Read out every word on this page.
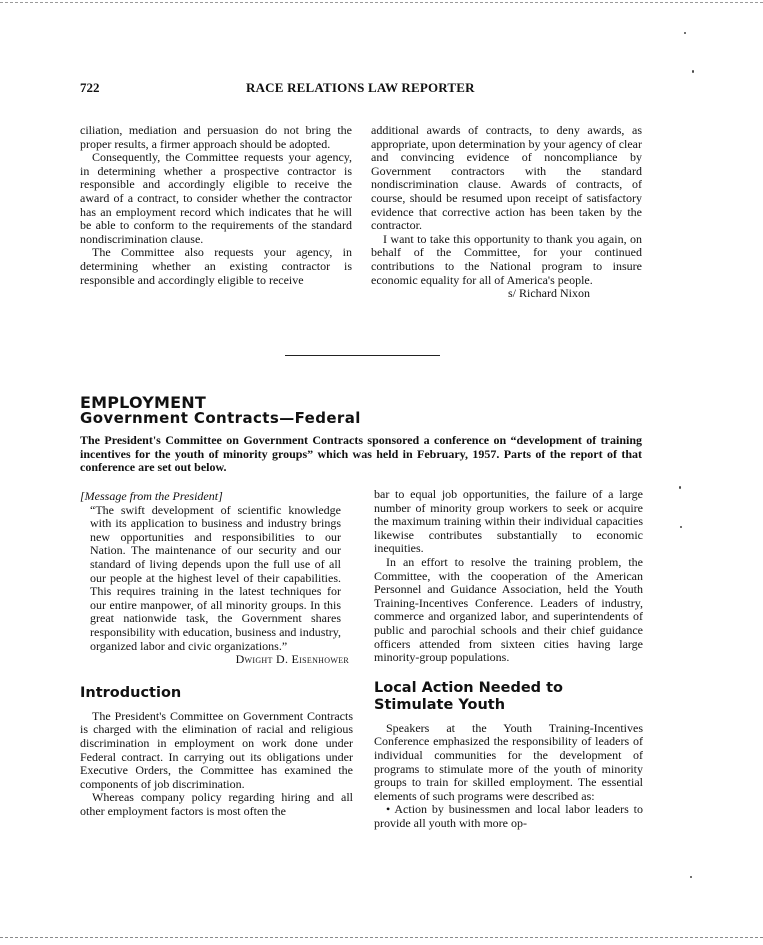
722	RACE RELATIONS LAW REPORTER

ciliation, mediation and persuasion do not bring the proper results, a firmer approach should be adopted.

Consequently, the Committee requests your agency, in determining whether a prospective contractor is responsible and accordingly eligible to receive the award of a contract, to consider whether the contractor has an employment record which indicates that he will be able to conform to the requirements of the standard nondiscrimination clause.

The Committee also requests your agency, in determining whether an existing contractor is responsible and accordingly eligible to receive

additional awards of contracts, to deny awards, as appropriate, upon determination by your agency of clear and convincing evidence of noncompliance by Government contractors with the standard nondiscrimination clause. Awards of contracts, of course, should be resumed upon receipt of satisfactory evidence that corrective action has been taken by the contractor.

I want to take this opportunity to thank you again, on behalf of the Committee, for your continued contributions to the National program to insure economic equality for all of America's people.

s/ Richard Nixon

EMPLOYMENT
Government Contracts—Federal
The President's Committee on Government Contracts sponsored a conference on “development of training incentives for the youth of minority groups” which was held in February, 1957. Parts of the report of that conference are set out below.

[Message from the President]

“The swift development of scientific knowledge with its application to business and industry brings new opportunities and responsibilities to our Nation. The maintenance of our security and our standard of living depends upon the full use of all our people at the highest level of their capabilities. This requires training in the latest techniques for our entire manpower, of all minority groups. In this great nationwide task, the Government shares responsibility with education, business and industry, organized labor and civic organizations.”

Dwight D. Eisenhower

Introduction

The President's Committee on Government Contracts is charged with the elimination of racial and religious discrimination in employment on work done under Federal contract. In carrying out its obligations under Executive Orders, the Committee has examined the components of job discrimination.

Whereas company policy regarding hiring and all other employment factors is most often the

bar to equal job opportunities, the failure of a large number of minority group workers to seek or acquire the maximum training within their individual capacities likewise contributes substantially to economic inequities.

In an effort to resolve the training problem, the Committee, with the cooperation of the American Personnel and Guidance Association, held the Youth Training-Incentives Conference. Leaders of industry, commerce and organized labor, and superintendents of public and parochial schools and their chief guidance officers attended from sixteen cities having large minority-group populations.

Local Action Needed to Stimulate Youth

Speakers at the Youth Training-Incentives Conference emphasized the responsibility of leaders of individual communities for the development of programs to stimulate more of the youth of minority groups to train for skilled employment. The essential elements of such programs were described as:

• Action by businessmen and local labor leaders to provide all youth with more op-
